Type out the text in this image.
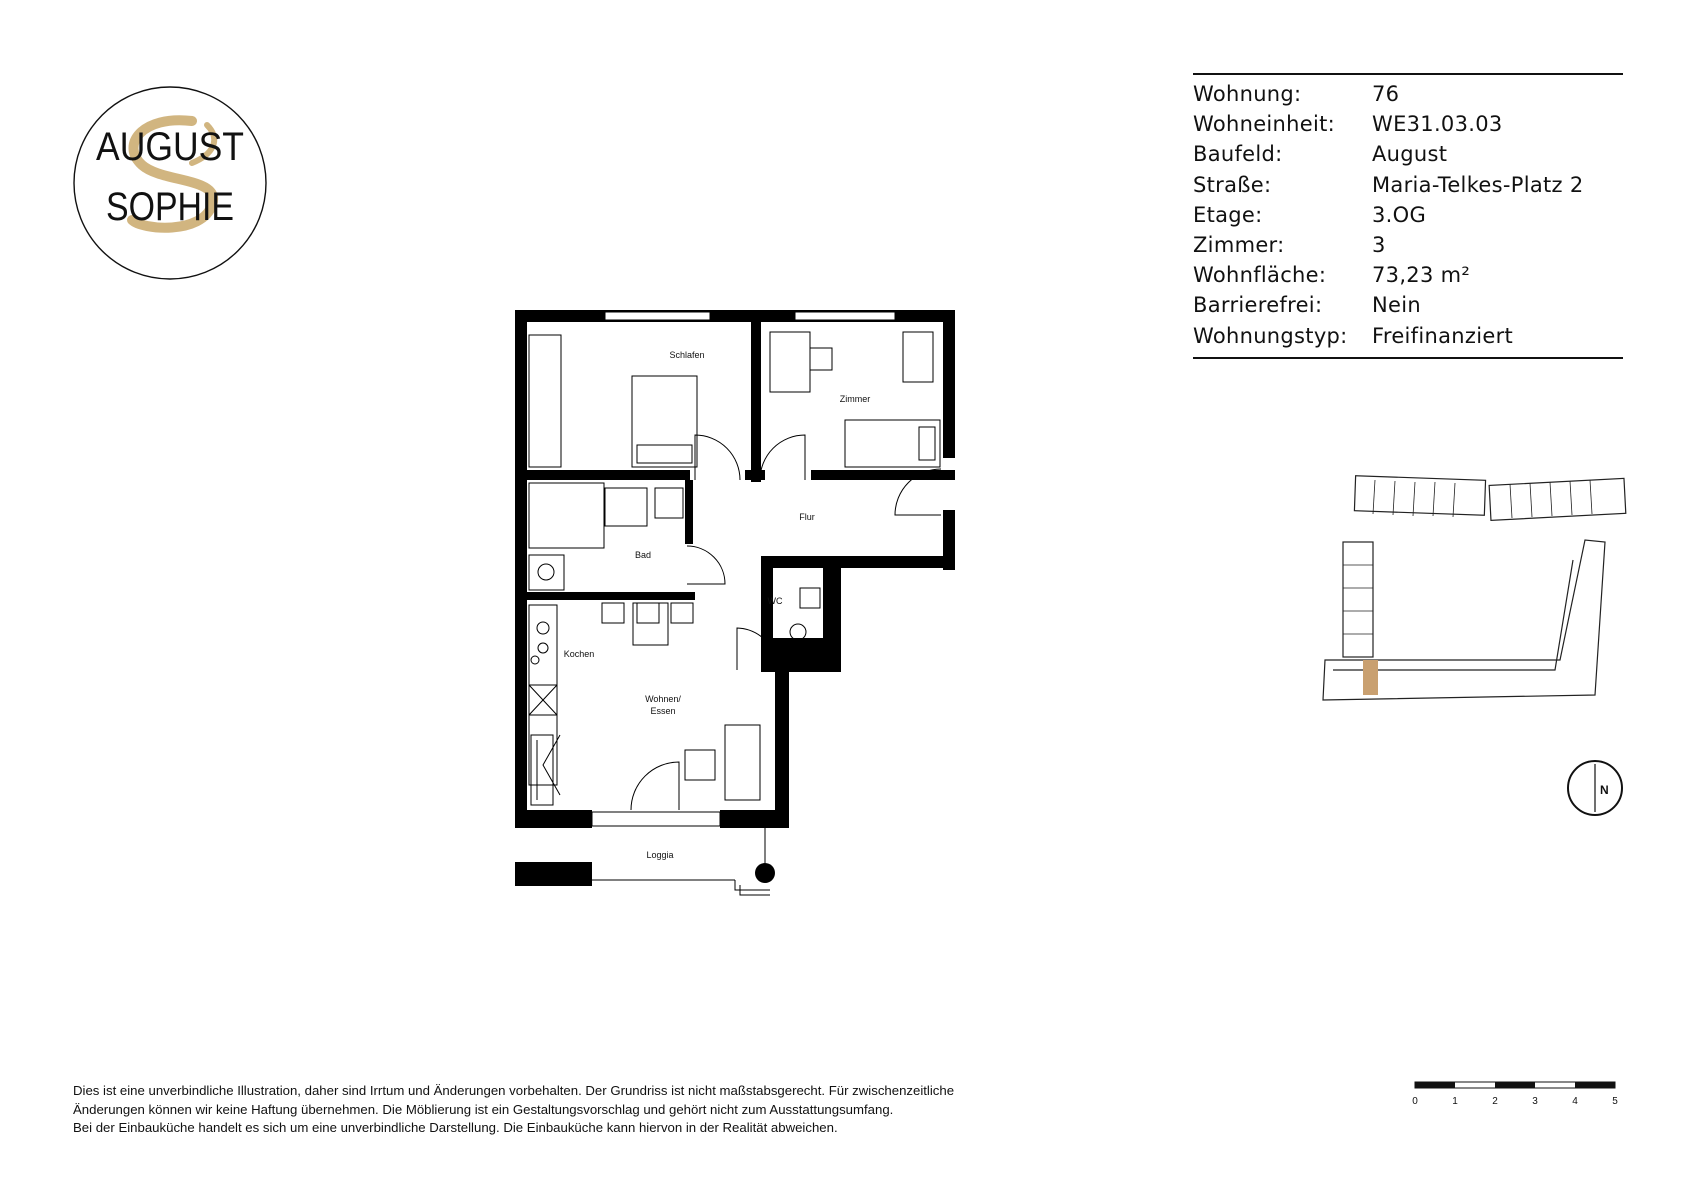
AUGUST
SOPHIE
Wohnung:	76
Wohneinheit:	WE31.03.03
Baufeld:	August
Straße:	Maria-Telkes-Platz 2
Etage:	3.OG
Zimmer:	3
Wohnfläche:	73,23 m²
Barrierefrei:	Nein
Wohnungstyp:	Freifinanziert
Schlafen
Zimmer
Flur
Bad
WC
Kochen
Wohnen/
Essen
Loggia
N
Dies ist eine unverbindliche Illustration, daher sind Irrtum und Änderungen vorbehalten. Der Grundriss ist nicht maßstabsgerecht. Für zwischenzeitliche
Änderungen können wir keine Haftung übernehmen. Die Möblierung ist ein Gestaltungsvorschlag und gehört nicht zum Ausstattungsumfang.
Bei der Einbauküche handelt es sich um eine unverbindliche Darstellung. Die Einbauküche kann hiervon in der Realität abweichen.
0	1	2	3	4	5
